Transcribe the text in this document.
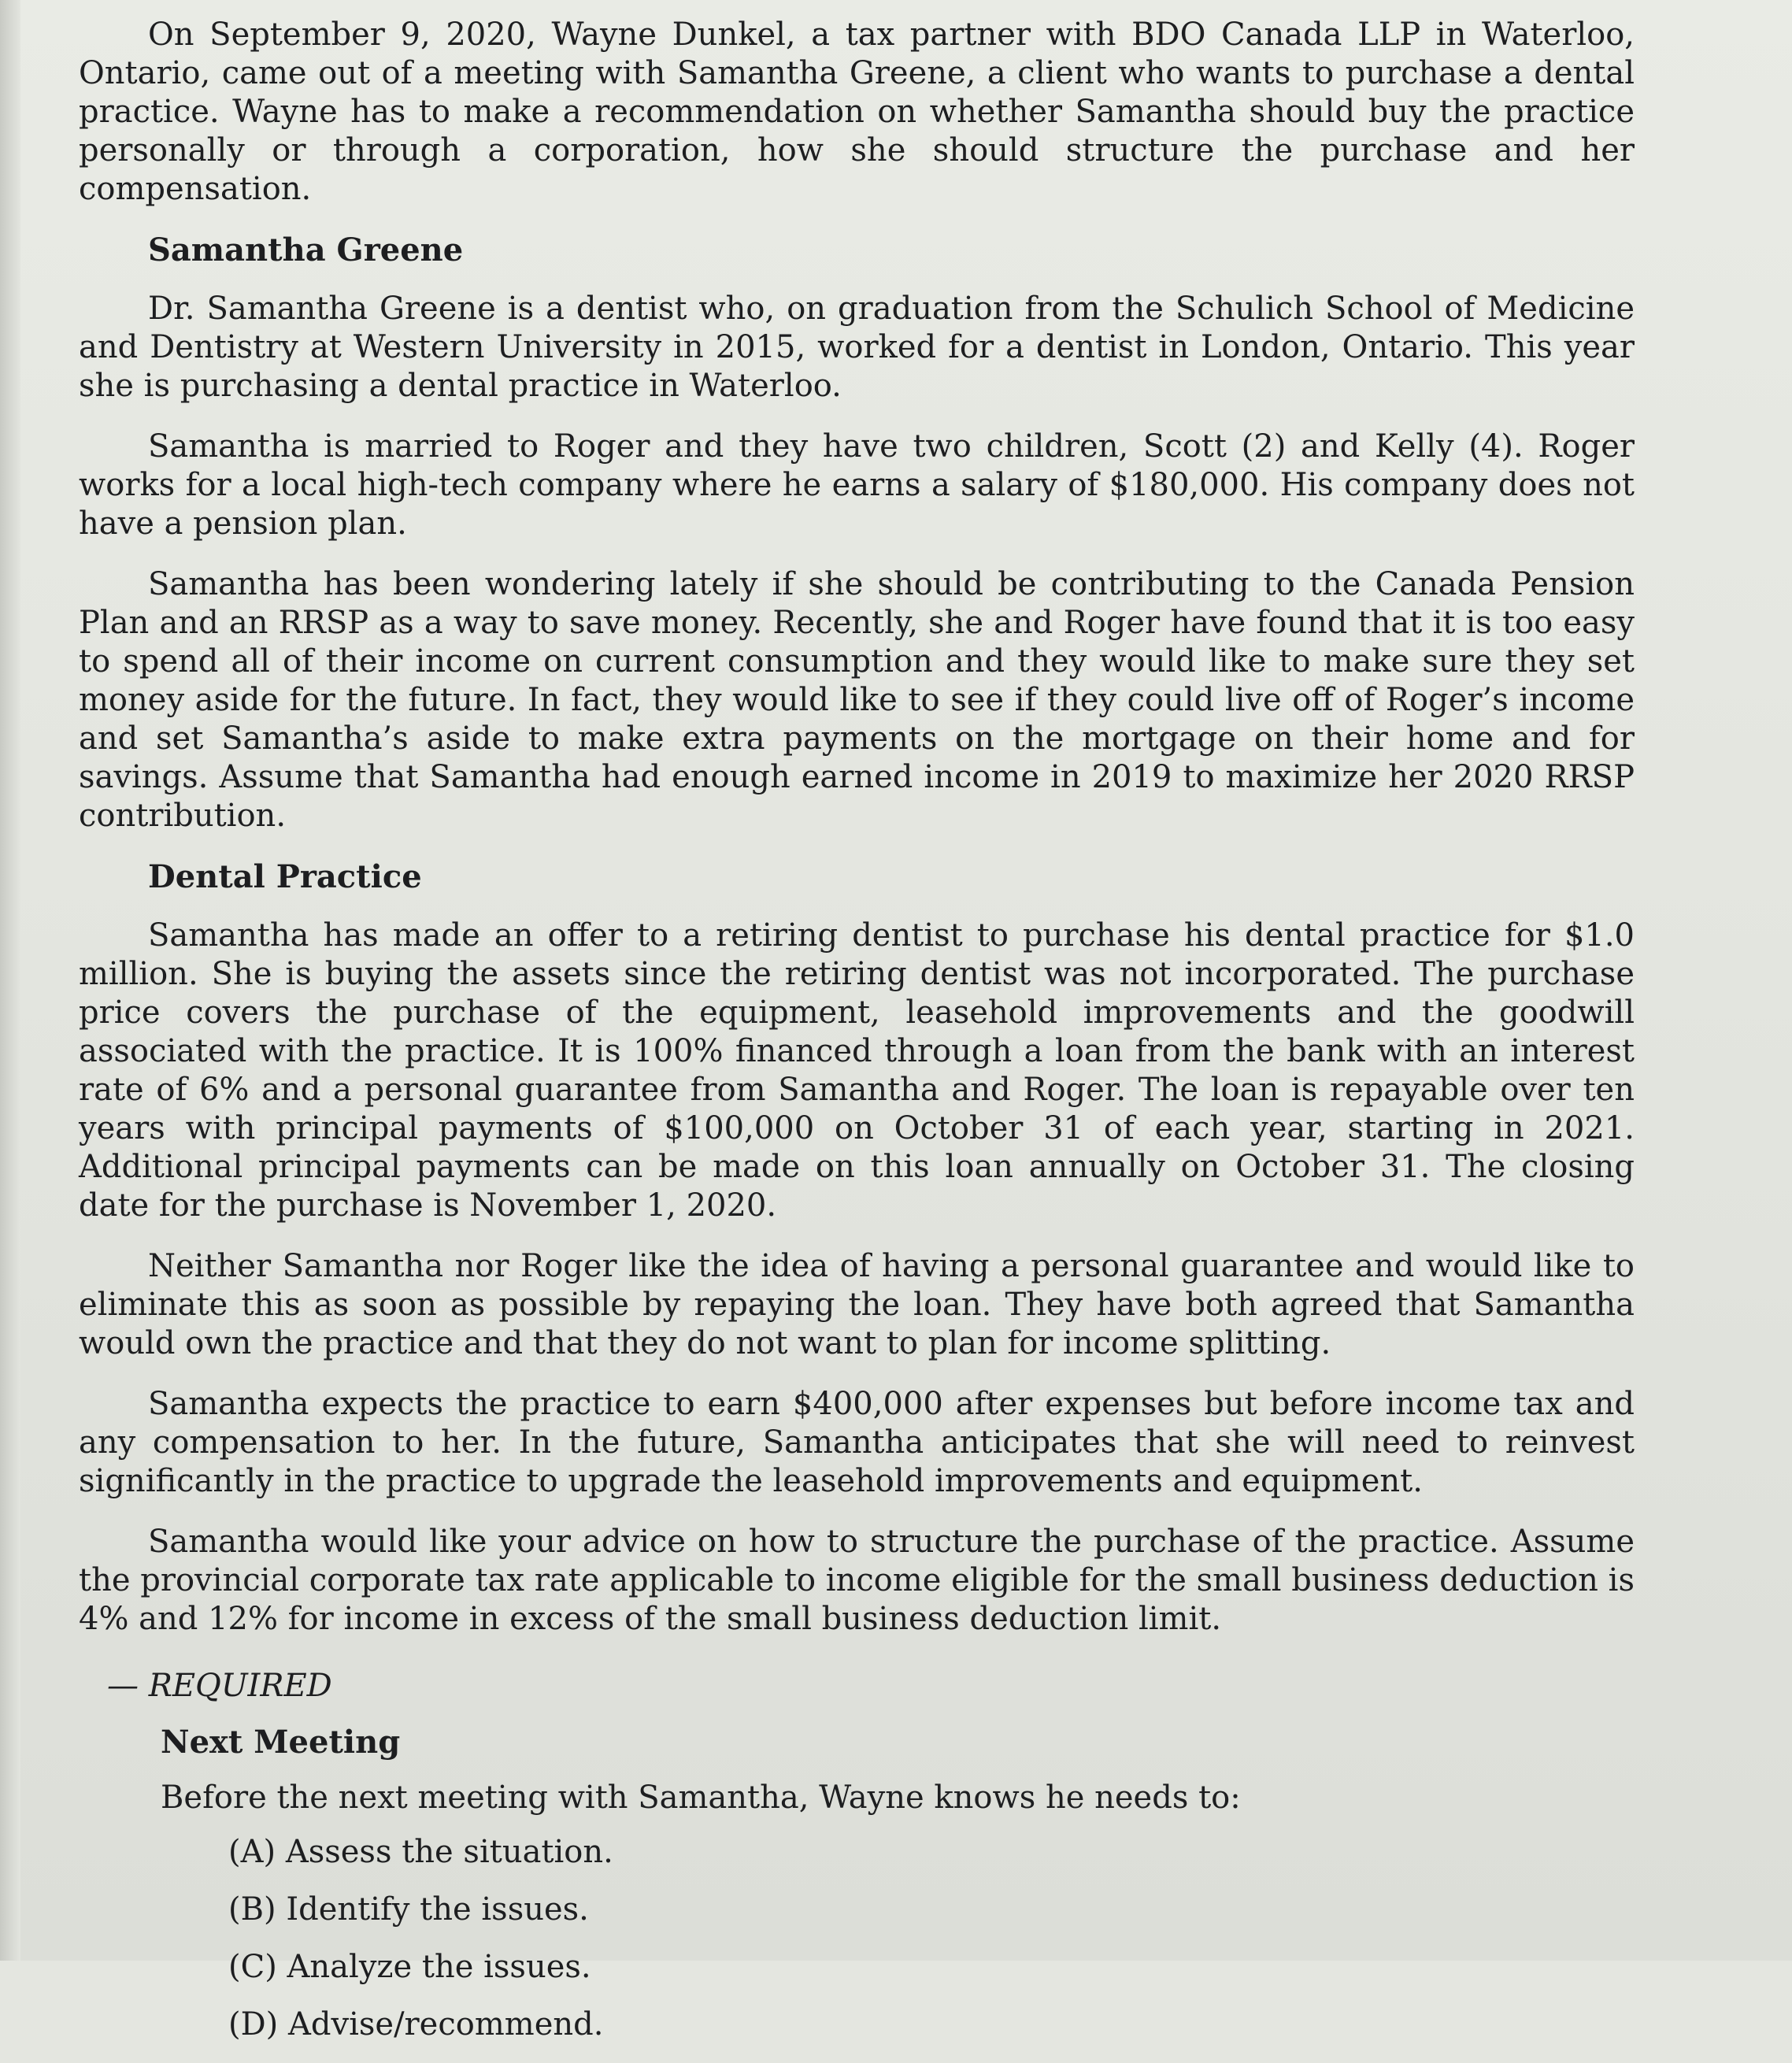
On September 9, 2020, Wayne Dunkel, a tax partner with BDO Canada LLP in Waterloo, Ontario, came out of a meeting with Samantha Greene, a client who wants to purchase a dental practice. Wayne has to make a recommendation on whether Samantha should buy the practice personally or through a corporation, how she should structure the purchase and her compensation.

Samantha Greene

Dr. Samantha Greene is a dentist who, on graduation from the Schulich School of Medicine and Dentistry at Western University in 2015, worked for a dentist in London, Ontario. This year she is purchasing a dental practice in Waterloo.

Samantha is married to Roger and they have two children, Scott (2) and Kelly (4). Roger works for a local high-tech company where he earns a salary of $180,000. His company does not have a pension plan.

Samantha has been wondering lately if she should be contributing to the Canada Pension Plan and an RRSP as a way to save money. Recently, she and Roger have found that it is too easy to spend all of their income on current consumption and they would like to make sure they set money aside for the future. In fact, they would like to see if they could live off of Roger’s income and set Samantha’s aside to make extra payments on the mortgage on their home and for savings. Assume that Samantha had enough earned income in 2019 to maximize her 2020 RRSP contribution.

Dental Practice

Samantha has made an offer to a retiring dentist to purchase his dental practice for $1.0 million. She is buying the assets since the retiring dentist was not incorporated. The purchase price covers the purchase of the equipment, leasehold improvements and the goodwill associated with the practice. It is 100% financed through a loan from the bank with an interest rate of 6% and a personal guarantee from Samantha and Roger. The loan is repayable over ten years with principal payments of $100,000 on October 31 of each year, starting in 2021. Additional principal payments can be made on this loan annually on October 31. The closing date for the purchase is November 1, 2020.

Neither Samantha nor Roger like the idea of having a personal guarantee and would like to eliminate this as soon as possible by repaying the loan. They have both agreed that Samantha would own the practice and that they do not want to plan for income splitting.

Samantha expects the practice to earn $400,000 after expenses but before income tax and any compensation to her. In the future, Samantha anticipates that she will need to reinvest significantly in the practice to upgrade the leasehold improvements and equipment.

Samantha would like your advice on how to structure the purchase of the practice. Assume the provincial corporate tax rate applicable to income eligible for the small business deduction is 4% and 12% for income in excess of the small business deduction limit.

— REQUIRED
Next Meeting
Before the next meeting with Samantha, Wayne knows he needs to:
(A) Assess the situation.
(B) Identify the issues.
(C) Analyze the issues.
(D) Advise/recommend.
